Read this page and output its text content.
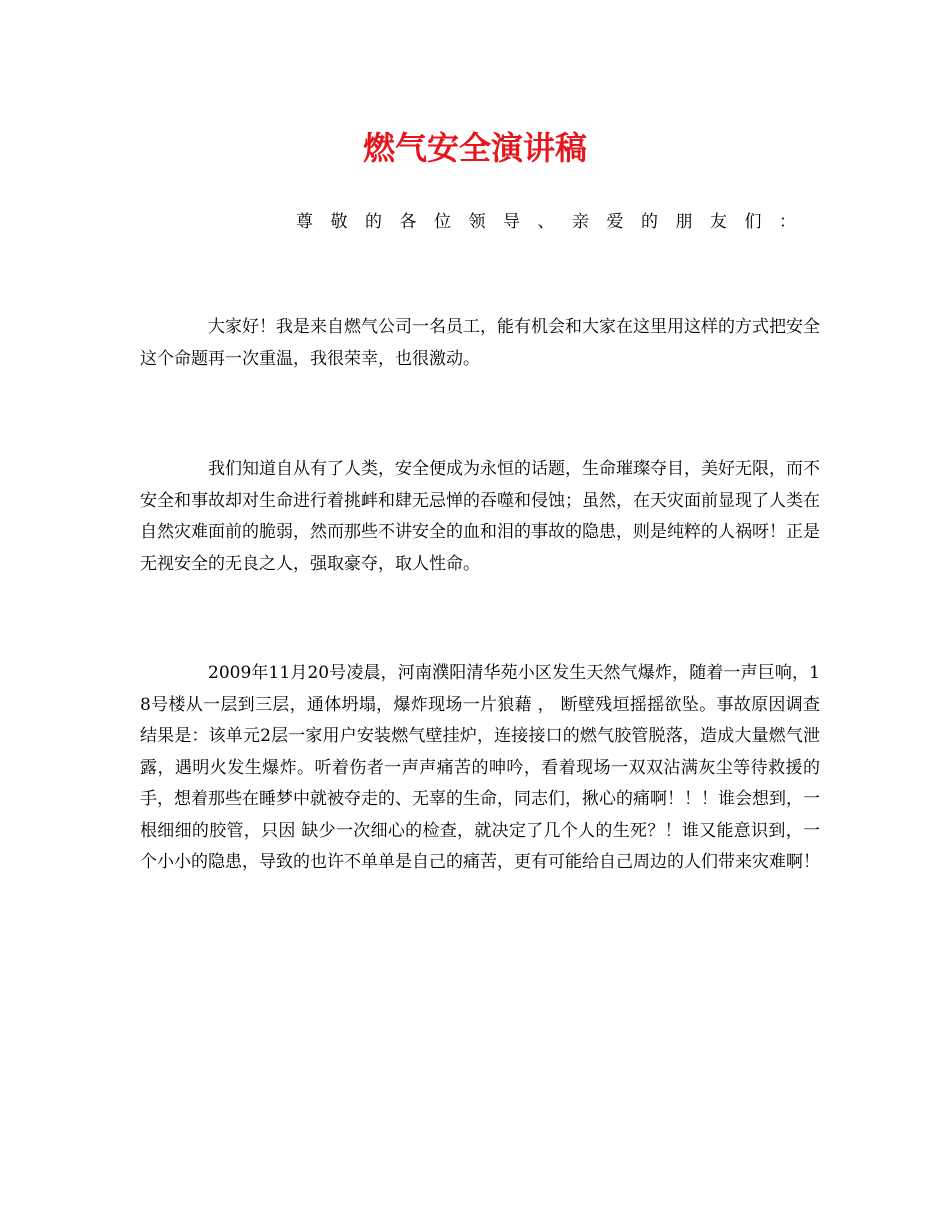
燃气安全演讲稿

尊敬的各位领导、亲爱的朋友们：

大家好！我是来自燃气公司一名员工，能有机会和大家在这里用这样的方式把安全这个命题再一次重温，我很荣幸，也很激动。

我们知道自从有了人类，安全便成为永恒的话题，生命璀璨夺目，美好无限，而不安全和事故却对生命进行着挑衅和肆无忌惮的吞噬和侵蚀；虽然，在天灾面前显现了人类在自然灾难面前的脆弱，然而那些不讲安全的血和泪的事故的隐患，则是纯粹的人祸呀！正是无视安全的无良之人，强取豪夺，取人性命。

2009年11月20号凌晨，河南濮阳清华苑小区发生天然气爆炸，随着一声巨响，18号楼从一层到三层，通体坍塌，爆炸现场一片狼藉 ， 断壁残垣摇摇欲坠。事故原因调查结果是：该单元2层一家用户安装燃气壁挂炉，连接接口的燃气胶管脱落，造成大量燃气泄露，遇明火发生爆炸。听着伤者一声声痛苦的呻吟，看着现场一双双沾满灰尘等待救援的手，想着那些在睡梦中就被夺走的、无辜的生命，同志们，揪心的痛啊！！！谁会想到，一根细细的胶管，只因 缺少一次细心的检查，就决定了几个人的生死？！谁又能意识到，一个小小的隐患，导致的也许不单单是自己的痛苦，更有可能给自己周边的人们带来灾难啊！
